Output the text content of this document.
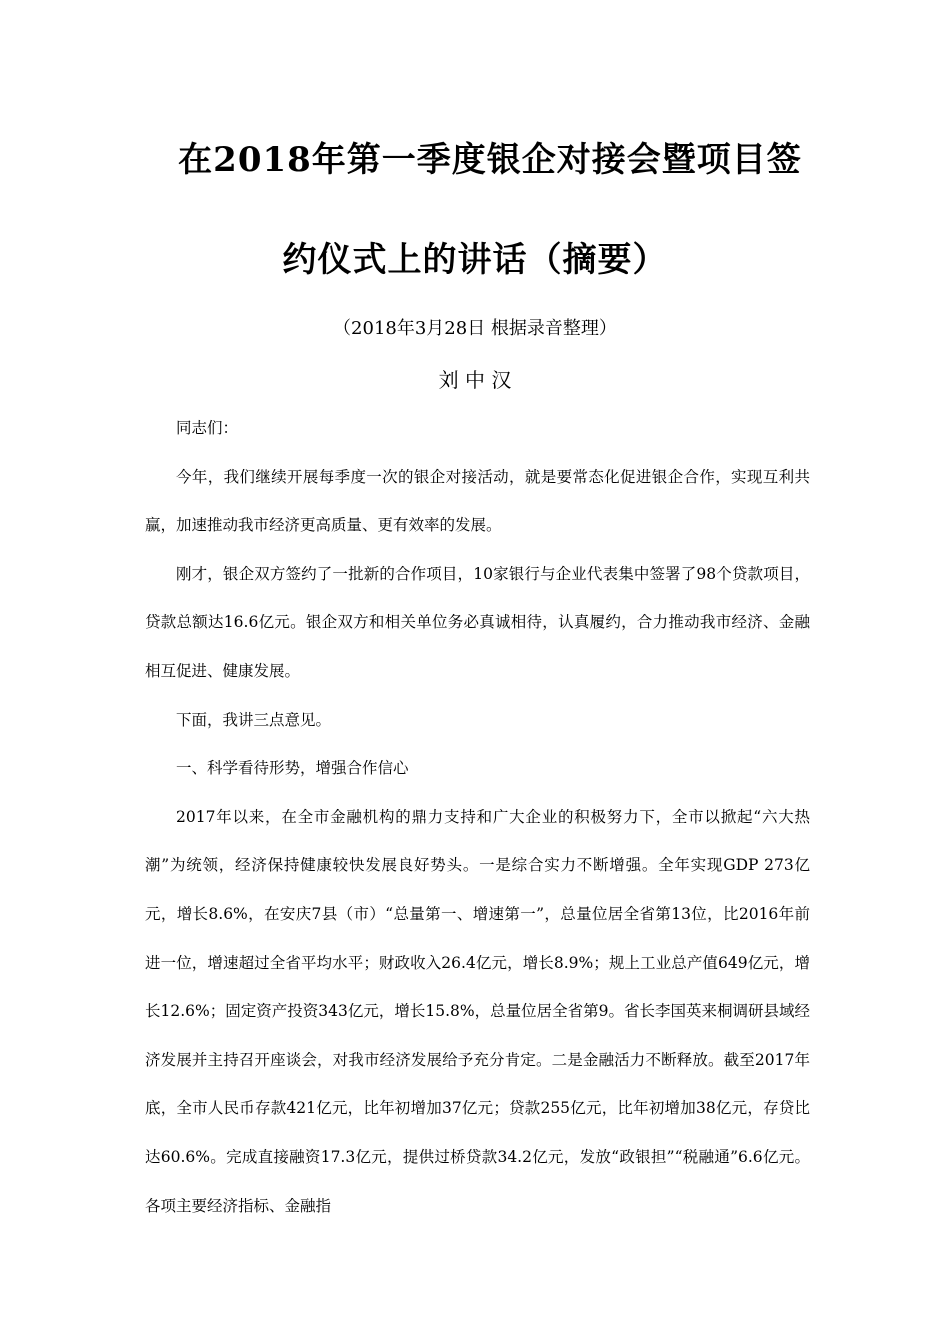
在2018年第一季度银企对接会暨项目签
约仪式上的讲话（摘要）
（2018年3月28日 根据录音整理）
刘 中 汉

同志们：

今年，我们继续开展每季度一次的银企对接活动，就是要常态化促进银企合作，实现互利共赢，加速推动我市经济更高质量、更有效率的发展。

刚才，银企双方签约了一批新的合作项目，10家银行与企业代表集中签署了98个贷款项目，贷款总额达16.6亿元。银企双方和相关单位务必真诚相待，认真履约，合力推动我市经济、金融相互促进、健康发展。

下面，我讲三点意见。

一、科学看待形势，增强合作信心

2017年以来，在全市金融机构的鼎力支持和广大企业的积极努力下，全市以掀起“六大热潮”为统领，经济保持健康较快发展良好势头。一是综合实力不断增强。全年实现GDP 273亿元，增长8.6%，在安庆7县（市）“总量第一、增速第一”，总量位居全省第13位，比2016年前进一位，增速超过全省平均水平；财政收入26.4亿元，增长8.9%；规上工业总产值649亿元，增长12.6%；固定资产投资343亿元，增长15.8%，总量位居全省第9。省长李国英来桐调研县域经济发展并主持召开座谈会，对我市经济发展给予充分肯定。二是金融活力不断释放。截至2017年底，全市人民币存款421亿元，比年初增加37亿元；贷款255亿元，比年初增加38亿元，存贷比达60.6%。完成直接融资17.3亿元，提供过桥贷款34.2亿元，发放“政银担”“税融通”6.6亿元。各项主要经济指标、金融指
